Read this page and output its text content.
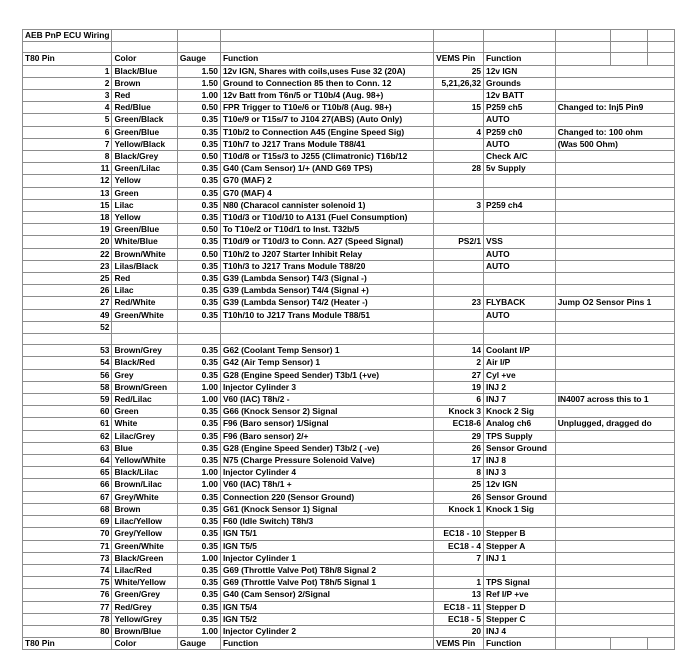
AEB PnP ECU Wiring								

T80 Pin	Color	Gauge	Function	VEMS Pin	Function			
1	Black/Blue	1.50	12v IGN, Shares with coils,uses Fuse 32 (20A)	25	12v IGN			
2	Brown	1.50	Ground to Connection 85 then to Conn. 12	5,21,26,32	Grounds			
3	Red	1.00	12v Batt from T6n/5 or T10b/4 (Aug. 98+)		12v BATT			
4	Red/Blue	0.50	FPR Trigger to T10e/6 or T10b/8 (Aug. 98+)	15	P259 ch5	Changed to: Inj5 Pin9		
5	Green/Black	0.35	T10e/9 or T15s/7 to J104 27(ABS) (Auto Only)		AUTO			
6	Green/Blue	0.35	T10b/2 to Connection A45 (Engine Speed Sig)	4	P259 ch0	Changed to: 100 ohm		
7	Yellow/Black	0.35	T10h/7 to J217 Trans Module T88/41		AUTO	(Was 500 Ohm)		
8	Black/Grey	0.50	T10d/8 or T15s/3 to J255 (Climatronic) T16b/12		Check A/C			
11	Green/Lilac	0.35	G40 (Cam Sensor) 1/+ (AND G69 TPS)	28	5v Supply			
12	Yellow	0.35	G70 (MAF) 2					
13	Green	0.35	G70 (MAF) 4					
15	Lilac	0.35	N80 (Characol cannister solenoid 1)	3	P259 ch4			
18	Yellow	0.35	T10d/3 or T10d/10 to A131 (Fuel Consumption)					
19	Green/Blue	0.50	To T10e/2 or T10d/1 to Inst. T32b/5					
20	White/Blue	0.35	T10d/9 or T10d/3 to Conn. A27 (Speed Signal)	PS2/1	VSS			
22	Brown/White	0.50	T10h/2 to J207 Starter Inhibit Relay		AUTO			
23	Lilas/Black	0.35	T10h/3 to J217 Trans Module T88/20		AUTO			
25	Red	0.35	G39 (Lambda Sensor) T4/3 (Signal -)					
26	Lilac	0.35	G39 (Lambda Sensor) T4/4 (Signal +)					
27	Red/White	0.35	G39 (Lambda Sensor) T4/2 (Heater -)	23	FLYBACK	Jump O2 Sensor Pins 1		
49	Green/White	0.35	T10h/10 to J217 Trans Module T88/51		AUTO			
52								

53	Brown/Grey	0.35	G62 (Coolant Temp Sensor) 1	14	Coolant I/P			
54	Black/Red	0.35	G42 (Air Temp Sensor) 1	2	Air I/P			
56	Grey	0.35	G28 (Engine Speed Sender) T3b/1 (+ve)	27	Cyl +ve			
58	Brown/Green	1.00	Injector Cylinder 3	19	INJ 2			
59	Red/Lilac	1.00	V60 (IAC) T8h/2 -	6	INJ 7	IN4007 across this to 1		
60	Green	0.35	G66 (Knock Sensor 2) Signal	Knock 3	Knock 2 Sig			
61	White	0.35	F96 (Baro sensor) 1/Signal	EC18-6	Analog ch6	Unplugged, dragged do		
62	Lilac/Grey	0.35	F96 (Baro sensor) 2/+	29	TPS Supply			
63	Blue	0.35	G28 (Engine Speed Sender) T3b/2 ( -ve)	26	Sensor Ground			
64	Yellow/White	0.35	N75 (Charge Pressure Solenoid Valve)	17	INJ 8			
65	Black/Lilac	1.00	Injector Cylinder 4	8	INJ 3			
66	Brown/Lilac	1.00	V60 (IAC) T8h/1 +	25	12v IGN			
67	Grey/White	0.35	Connection 220 (Sensor Ground)	26	Sensor Ground			
68	Brown	0.35	G61 (Knock Sensor 1) Signal	Knock 1	Knock 1 Sig			
69	Lilac/Yellow	0.35	F60 (Idle Switch) T8h/3					
70	Grey/Yellow	0.35	IGN T5/1	EC18 - 10	Stepper B			
71	Green/White	0.35	IGN T5/5	EC18 - 4	Stepper A			
73	Black/Green	1.00	Injector Cylinder 1	7	INJ 1			
74	Lilac/Red	0.35	G69 (Throttle Valve Pot) T8h/8 Signal 2					
75	White/Yellow	0.35	G69 (Throttle Valve Pot) T8h/5 Signal 1	1	TPS Signal			
76	Green/Grey	0.35	G40 (Cam Sensor) 2/Signal	13	Ref I/P +ve			
77	Red/Grey	0.35	IGN T5/4	EC18 - 11	Stepper D			
78	Yellow/Grey	0.35	IGN T5/2	EC18 - 5	Stepper C			
80	Brown/Blue	1.00	Injector Cylinder 2	20	INJ 4			
T80 Pin	Color	Gauge	Function	VEMS Pin	Function			
